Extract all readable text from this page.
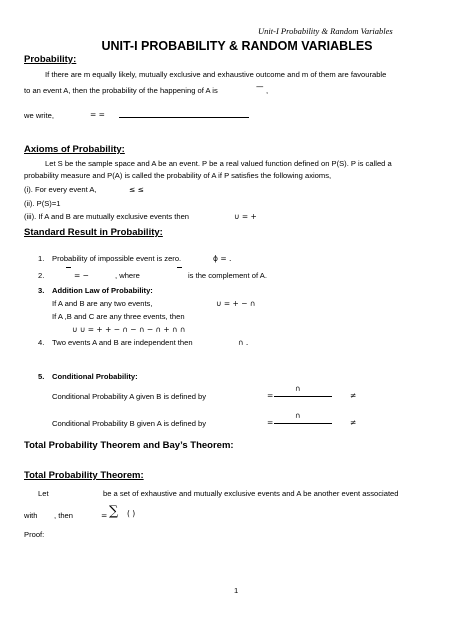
Unit-I Probability & Random Variables
UNIT-I PROBABILITY & RANDOM VARIABLES
Probability:
If there are m equally likely, mutually exclusive and exhaustive outcome and m of them are favourable
to an event A, then the probability of the happening of A is	— ,
we write,	= =
Axioms of Probability:
Let S be the sample space and A be an event. P be a real valued function defined on P(S). P is called a
probability measure and P(A) is called the probability of A if P satisfies the following axioms,
(i). For every event A,	≤ ≤
(ii). P(S)=1
(iii). If A and B are mutually exclusive events then	∪ = +
Standard Result in Probability:
1. Probability of impossible event is zero.	ϕ = .
2.	= −	, where	is the complement of A.
3. Addition Law of Probability:
If A and B are any two events,	∪ = + − ∩
If A ,B and C are any three events, then
∪ ∪ = + + − ∩ − ∩ − ∩ + ∩ ∩
4. Two events A and B are independent then	∩ .
5. Conditional Probability:
Conditional Probability A given B is defined by
∩
=	≠
Conditional Probability B given A is defined by
∩
=	≠
Total Probability Theorem and Bay’s Theorem:
Total Probability Theorem:
Let	be a set of exhaustive and mutually exclusive events and A be another event associated
with , then	= ∑ ( )
Proof:
1
